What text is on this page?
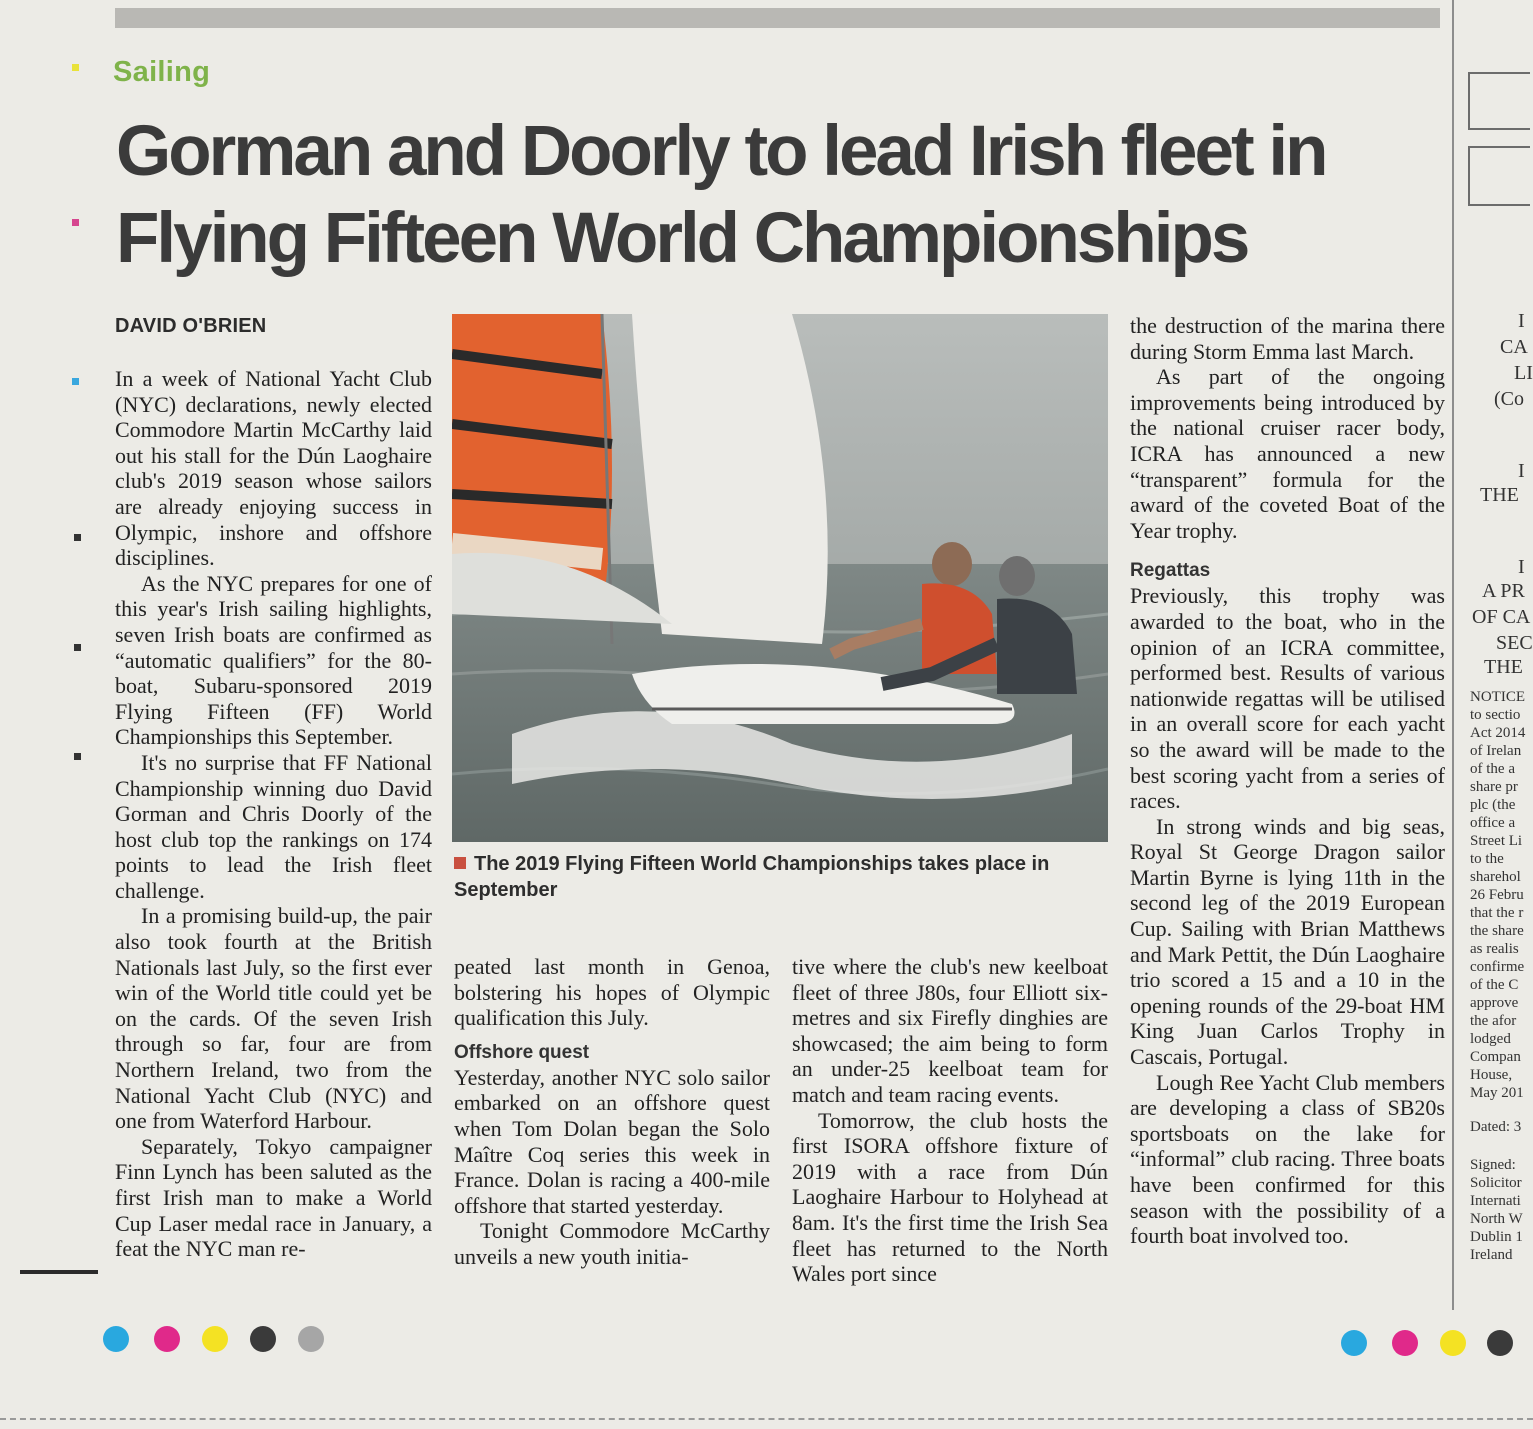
Sailing
Gorman and Doorly to lead Irish fleet in
Flying Fifteen World Championships
DAVID O'BRIEN

In a week of National Yacht Club (NYC) declarations, newly elected Commodore Martin McCarthy laid out his stall for the Dún Laoghaire club's 2019 season whose sailors are already enjoying success in Olympic, inshore and offshore disciplines.

As the NYC prepares for one of this year's Irish sailing highlights, seven Irish boats are confirmed as “automatic qualifiers” for the 80-boat, Subaru-sponsored 2019 Flying Fifteen (FF) World Championships this September.

It's no surprise that FF National Championship winning duo David Gorman and Chris Doorly of the host club top the rankings on 174 points to lead the Irish fleet challenge.

In a promising build-up, the pair also took fourth at the British Nationals last July, so the first ever win of the World title could yet be on the cards. Of the seven Irish through so far, four are from Northern Ireland, two from the National Yacht Club (NYC) and one from Waterford Harbour.

Separately, Tokyo campaigner Finn Lynch has been saluted as the first Irish man to make a World Cup Laser medal race in January, a feat the NYC man re-

The 2019 Flying Fifteen World Championships takes place in September

peated last month in Genoa, bolstering his hopes of Olympic qualification this July.

Offshore quest

Yesterday, another NYC solo sailor embarked on an offshore quest when Tom Dolan began the Solo Maître Coq series this week in France. Dolan is racing a 400-mile offshore that started yesterday.

Tonight Commodore McCarthy unveils a new youth initia-

tive where the club's new keelboat fleet of three J80s, four Elliott six-metres and six Firefly dinghies are showcased; the aim being to form an under-25 keelboat team for match and team racing events.

Tomorrow, the club hosts the first ISORA offshore fixture of 2019 with a race from Dún Laoghaire Harbour to Holyhead at 8am. It's the first time the Irish Sea fleet has returned to the North Wales port since

the destruction of the marina there during Storm Emma last March.

As part of the ongoing improvements being introduced by the national cruiser racer body, ICRA has announced a new “transparent” formula for the award of the coveted Boat of the Year trophy.

Regattas

Previously, this trophy was awarded to the boat, who in the opinion of an ICRA committee, performed best. Results of various nationwide regattas will be utilised in an overall score for each yacht so the award will be made to the best scoring yacht from a series of races.

In strong winds and big seas, Royal St George Dragon sailor Martin Byrne is lying 11th in the second leg of the 2019 European Cup. Sailing with Brian Matthews and Mark Pettit, the Dún Laoghaire trio scored a 15 and a 10 in the opening rounds of the 29-boat HM King Juan Carlos Trophy in Cascais, Portugal.

Lough Ree Yacht Club members are developing a class of SB20s sportsboats on the lake for “informal” club racing. Three boats have been confirmed for this season with the possibility of a fourth boat involved too.

I
CA
LI
(Co
I
THE
I
A PR
OF CA
SEC
THE
NOTICE
to sectio
Act 2014
of Irelan
of the a
share pr
plc (the
office a
Street Li
to the
sharehol
26 Febru
that the r
the share
as realis
confirme
of the C
approve
the afor
lodged
Compan
House,
May 201
Dated: 3
Signed:
Solicitor
Internati
North W
Dublin 1
Ireland
